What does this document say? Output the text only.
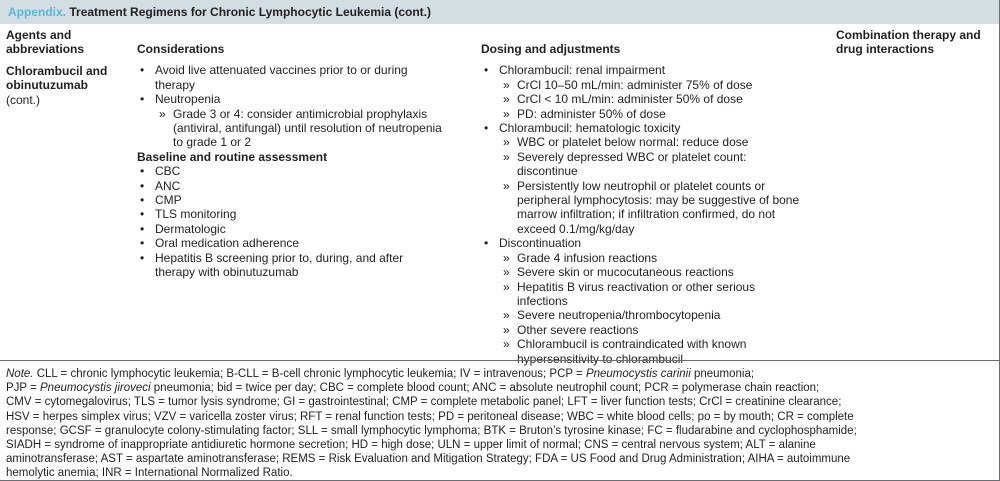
Appendix. Treatment Regimens for Chronic Lymphocytic Leukemia (cont.)
Agents and
abbreviations
Chlorambucil and
obinutuzumab
(cont.)
Considerations
• Avoid live attenuated vaccines prior to or during
therapy
• Neutropenia
» Grade 3 or 4: consider antimicrobial prophylaxis
(antiviral, antifungal) until resolution of neutropenia
to grade 1 or 2
Baseline and routine assessment
• CBC
• ANC
• CMP
• TLS monitoring
• Dermatologic
• Oral medication adherence
• Hepatitis B screening prior to, during, and after
therapy with obinutuzumab
Dosing and adjustments
• Chlorambucil: renal impairment
» CrCl 10–50 mL/min: administer 75% of dose
» CrCl < 10 mL/min: administer 50% of dose
» PD: administer 50% of dose
• Chlorambucil: hematologic toxicity
» WBC or platelet below normal: reduce dose
» Severely depressed WBC or platelet count:
discontinue
» Persistently low neutrophil or platelet counts or
peripheral lymphocytosis: may be suggestive of bone
marrow infiltration; if infiltration confirmed, do not
exceed 0.1/mg/kg/day
• Discontinuation
» Grade 4 infusion reactions
» Severe skin or mucocutaneous reactions
» Hepatitis B virus reactivation or other serious
infections
» Severe neutropenia/thrombocytopenia
» Other severe reactions
» Chlorambucil is contraindicated with known
hypersensitivity to chlorambucil
Combination therapy and
drug interactions
Note. CLL = chronic lymphocytic leukemia; B-CLL = B-cell chronic lymphocytic leukemia; IV = intravenous; PCP = Pneumocystis carinii pneumonia;
PJP = Pneumocystis jiroveci pneumonia; bid = twice per day; CBC = complete blood count; ANC = absolute neutrophil count; PCR = polymerase chain reaction;
CMV = cytomegalovirus; TLS = tumor lysis syndrome; GI = gastrointestinal; CMP = complete metabolic panel; LFT = liver function tests; CrCl = creatinine clearance;
HSV = herpes simplex virus; VZV = varicella zoster virus; RFT = renal function tests; PD = peritoneal disease; WBC = white blood cells; po = by mouth; CR = complete
response; GCSF = granulocyte colony-stimulating factor; SLL = small lymphocytic lymphoma; BTK = Bruton’s tyrosine kinase; FC = fludarabine and cyclophosphamide;
SIADH = syndrome of inappropriate antidiuretic hormone secretion; HD = high dose; ULN = upper limit of normal; CNS = central nervous system; ALT = alanine
aminotransferase; AST = aspartate aminotransferase; REMS = Risk Evaluation and Mitigation Strategy; FDA = US Food and Drug Administration; AIHA = autoimmune
hemolytic anemia; INR = International Normalized Ratio.
